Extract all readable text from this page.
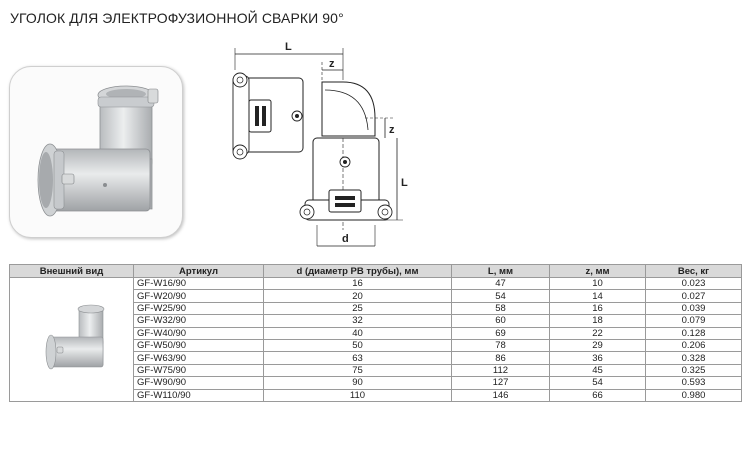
УГОЛОК ДЛЯ ЭЛЕКТРОФУЗИОННОЙ СВАРКИ 90°
L
z
z
L
d
Внешний вид	Артикул	d (диаметр PB трубы), мм	L, мм	z, мм	Вес, кг
	GF-W16/90	16	47	10	0.023
	GF-W20/90	20	54	14	0.027
	GF-W25/90	25	58	16	0.039
	GF-W32/90	32	60	18	0.079
	GF-W40/90	40	69	22	0.128
	GF-W50/90	50	78	29	0.206
	GF-W63/90	63	86	36	0.328
	GF-W75/90	75	112	45	0.325
	GF-W90/90	90	127	54	0.593
	GF-W110/90	110	146	66	0.980
